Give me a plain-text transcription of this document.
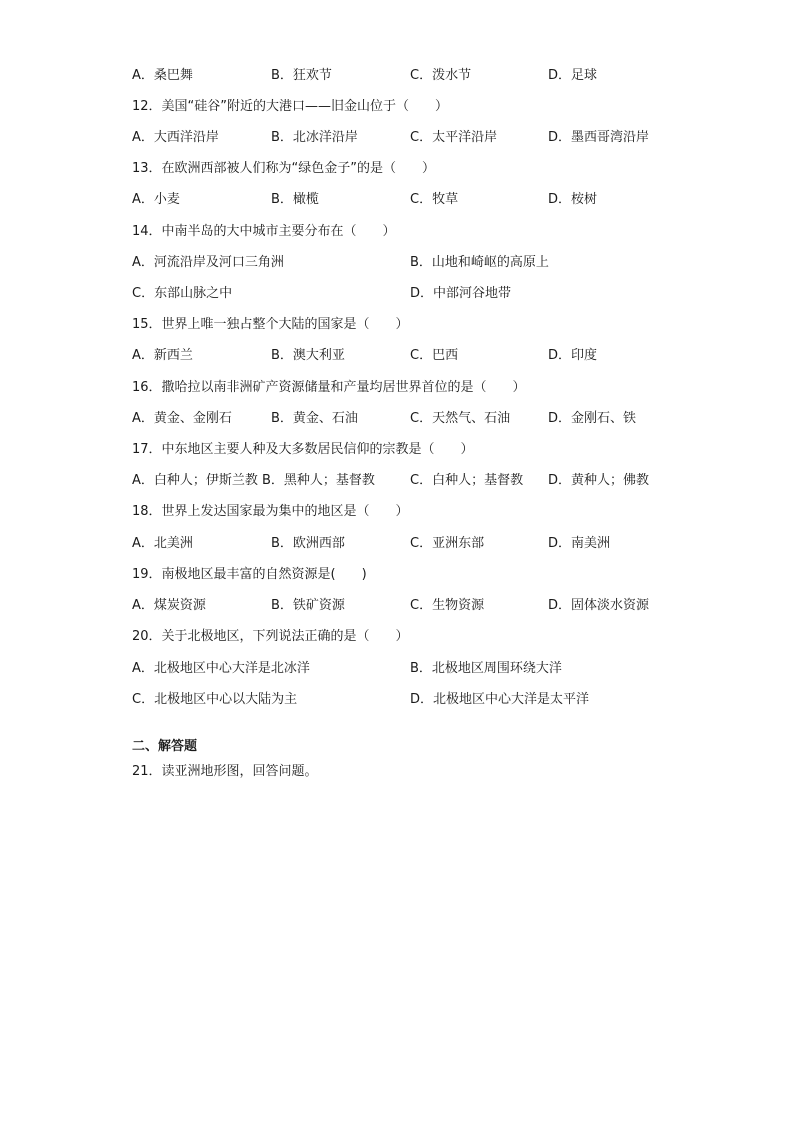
A．桑巴舞	B．狂欢节	C．泼水节	D．足球
12．美国“硅谷”附近的大港口——旧金山位于（　　）
A．大西洋沿岸	B．北冰洋沿岸	C．太平洋沿岸	D．墨西哥湾沿岸
13．在欧洲西部被人们称为“绿色金子”的是（　　）
A．小麦	B．橄榄	C．牧草	D．桉树
14．中南半岛的大中城市主要分布在（　　）
A．河流沿岸及河口三角洲	B．山地和崎岖的高原上
C．东部山脉之中	D．中部河谷地带
15．世界上唯一独占整个大陆的国家是（　　）
A．新西兰	B．澳大利亚	C．巴西	D．印度
16．撒哈拉以南非洲矿产资源储量和产量均居世界首位的是（　　）
A．黄金、金刚石	B．黄金、石油	C．天然气、石油	D．金刚石、铁
17．中东地区主要人种及大多数居民信仰的宗教是（　　）
A．白种人；伊斯兰教 B．黑种人；基督教	C．白种人；基督教 D．黄种人；佛教
18．世界上发达国家最为集中的地区是（　　）
A．北美洲	B．欧洲西部	C．亚洲东部	D．南美洲
19．南极地区最丰富的自然资源是(　　)
A．煤炭资源	B．铁矿资源	C．生物资源	D．固体淡水资源
20．关于北极地区，下列说法正确的是（　　）
A．北极地区中心大洋是北冰洋	B．北极地区周围环绕大洋
C．北极地区中心以大陆为主	D．北极地区中心大洋是太平洋
二、解答题
21．读亚洲地形图，回答问题。
